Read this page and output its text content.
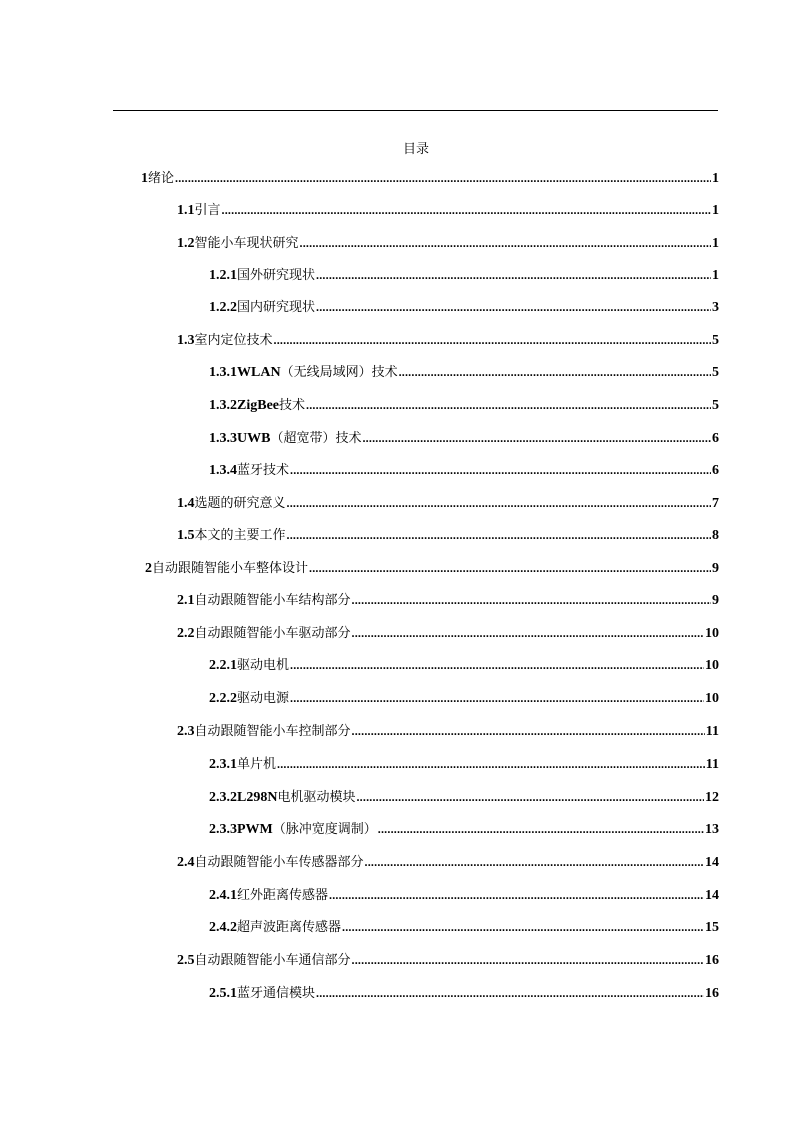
目录
1 绪论 .....	1
1.1 引言 .....	1
1.2 智能小车现状研究 .....	1
1.2.1 国外研究现状 .....	1
1.2.2 国内研究现状 .....	3
1.3 室内定位技术 .....	5
1.3.1WLAN （无线局域网）技术 .....	5
1.3.2ZigBee 技术 .....	5
1.3.3UWB （超宽带）技术 .....	6
1.3.4 蓝牙技术 .....	6
1.4 选题的研究意义 .....	7
1.5 本文的主要工作 .....	8
2 自动跟随智能小车整体设计 .....	9
2.1 自动跟随智能小车结构部分 .....	9
2.2 自动跟随智能小车驱动部分 .....	10
2.2.1 驱动电机 .....	10
2.2.2 驱动电源 .....	10
2.3 自动跟随智能小车控制部分 .....	11
2.3.1 单片机 .....	11
2.3.2L298N 电机驱动模块 .....	12
2.3.3PWM （脉冲宽度调制） .....	13
2.4 自动跟随智能小车传感器部分 .....	14
2.4.1 红外距离传感器 .....	14
2.4.2 超声波距离传感器 .....	15
2.5 自动跟随智能小车通信部分 .....	16
2.5.1 蓝牙通信模块 .....	16
